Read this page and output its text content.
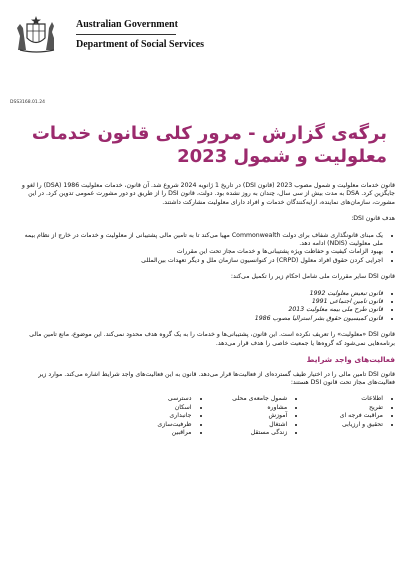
Australian Government
Department of Social Services
DSS3168.01.24
برگه‌ی گزارش - مرور کلی قانون خدمات معلولیت و شمول 2023

قانون خدمات معلولیت و شمول مصوب 2023 (قانون DSI) در تاریخ 1 ژانویه 2024 شروع شد. آن قانون، خدمات معلولیت 1986 (DSA) را لغو و جایگزین کرد. DSA به مدت بیش از سی سال، چندان به روز نشده بود. دولت، قانون DSI را از طریق دو دور مشورت عمومی تدوین کرد. در این مشورت، سازمان‌های نماینده، ارایه‌کنندگان خدمات و افراد دارای معلولیت مشارکت داشتند.

هدف قانون DSI:

• یک مبنای قانونگذاری شفاف برای دولت Commonwealth مهیا می‌کند تا به تامین مالی پشتیبانی از معلولیت و خدمات در خارج از نظام بیمه ملی معلولیت (NDIS) ادامه دهد.
• بهبود الزامات کیفیت و حفاظت ویژه پشتیبانی‌ها و خدمات مجاز تحت این مقررات
• اجرایی کردن حقوق افراد معلول (CRPD) در کنوانسیون سازمان ملل و دیگر تعهدات بین‌المللی

قانون DSI سایر مقررات ملی شامل احکام زیر را تکمیل می‌کند:

• قانون تبعیض معلولیت 1992
• قانون تامین اجتماعی 1991
• قانون طرح ملی بیمه معلولیت 2013
• قانون کمیسیون حقوق بشر استرالیا مصوب 1986

قانون DSI «معلولیت» را تعریف نکرده است. این قانون، پشتیبانی‌ها و خدمات را به یک گروه هدف محدود نمی‌کند. این موضوع، مانع تامین مالی برنامه‌هایی نمی‌شود که گروه‌ها یا جمعیت خاصی را هدف قرار می‌دهد.

فعالیت‌های واجد شرایط

قانون DSI تامین مالی را در اختیار طیف گسترده‌ای از فعالیت‌ها قرار می‌دهد. قانون به این فعالیت‌های واجد شرایط اشاره می‌کند. موارد زیر فعالیت‌های مجاز تحت قانون DSI هستند:

• اطلاعات
• تفریح
• مراقبت فرجه ای
• تحقیق و ارزیابی
• شمول جامعه‌ی محلی
• مشاوره
• آموزش
• اشتغال
• زندگی مستقل
• دسترسی
• اسکان
• جانبداری
• ظرفیت‌سازی
• مراقبین
